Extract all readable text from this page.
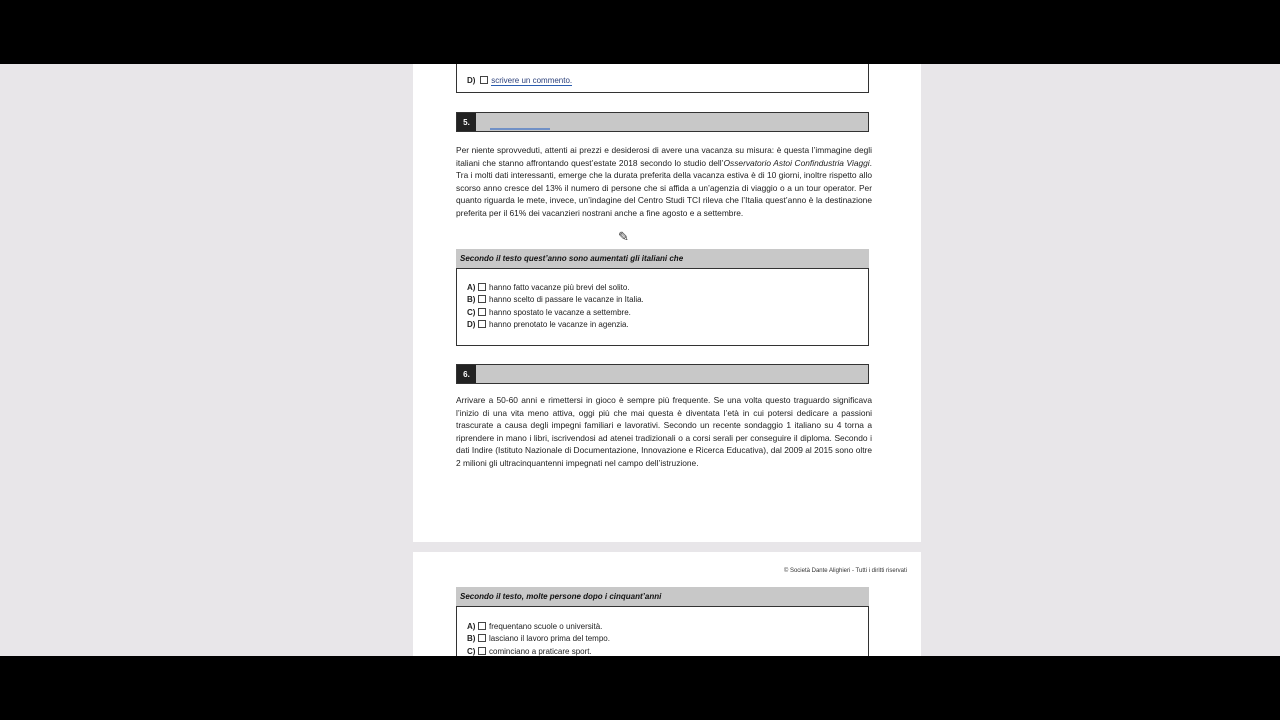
D) scrivere un commento.
5.
Per niente sprovveduti, attenti ai prezzi e desiderosi di avere una vacanza su misura: è questa l’immagine degli italiani che stanno affrontando quest’estate 2018 secondo lo studio dell’Osservatorio Astoi Confindustria Viaggi. Tra i molti dati interessanti, emerge che la durata preferita della vacanza estiva è di 10 giorni, inoltre rispetto allo scorso anno cresce del 13% il numero di persone che si affida a un’agenzia di viaggio o a un tour operator. Per quanto riguarda le mete, invece, un’indagine del Centro Studi TCI rileva che l’Italia quest’anno è la destinazione preferita per il 61% dei vacanzieri nostrani anche a fine agosto e a settembre.
Secondo il testo quest’anno sono aumentati gli italiani che
A) hanno fatto vacanze più brevi del solito.
B) hanno scelto di passare le vacanze in Italia.
C) hanno spostato le vacanze a settembre.
D) hanno prenotato le vacanze in agenzia.
6.
Arrivare a 50-60 anni e rimettersi in gioco è sempre più frequente. Se una volta questo traguardo significava l’inizio di una vita meno attiva, oggi più che mai questa è diventata l’età in cui potersi dedicare a passioni trascurate a causa degli impegni familiari e lavorativi. Secondo un recente sondaggio 1 italiano su 4 torna a riprendere in mano i libri, iscrivendosi ad atenei tradizionali o a corsi serali per conseguire il diploma. Secondo i dati Indire (Istituto Nazionale di Documentazione, Innovazione e Ricerca Educativa), dal 2009 al 2015 sono oltre 2 milioni gli ultracinquantenni impegnati nel campo dell’istruzione.
© Società Dante Alighieri - Tutti i diritti riservati
Secondo il testo, molte persone dopo i cinquant’anni
A) frequentano scuole o università.
B) lasciano il lavoro prima del tempo.
C) cominciano a praticare sport.
✎
